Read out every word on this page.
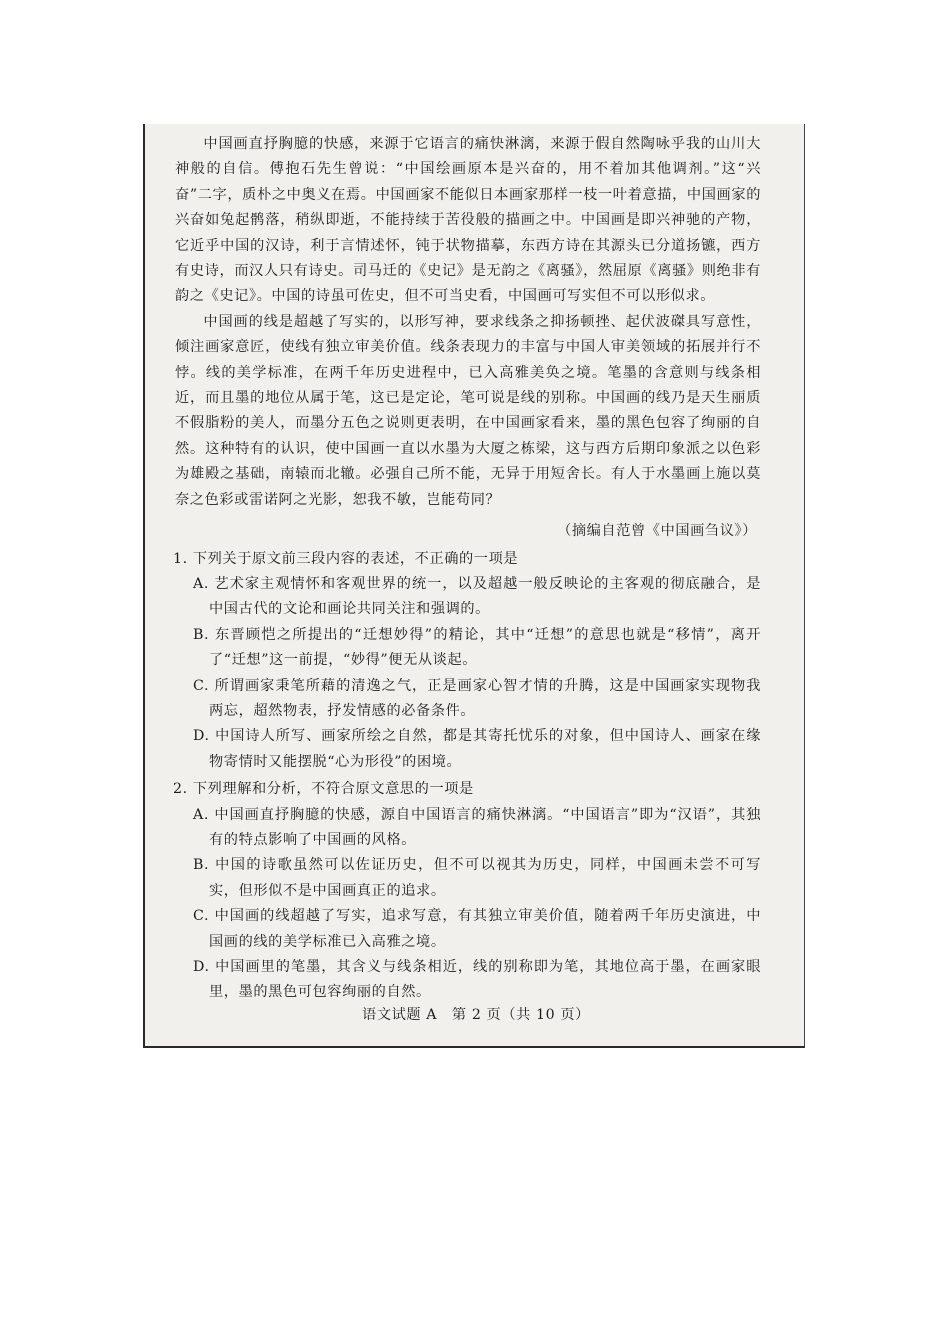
中国画直抒胸臆的快感，来源于它语言的痛快淋漓，来源于假自然陶咏乎我的山川大神般的自信。傅抱石先生曾说：“中国绘画原本是兴奋的，用不着加其他调剂。”这“兴奋”二字，质朴之中奥义在焉。中国画家不能似日本画家那样一枝一叶着意描，中国画家的兴奋如兔起鹘落，稍纵即逝，不能持续于苦役般的描画之中。中国画是即兴神驰的产物，它近乎中国的汉诗，利于言情述怀，钝于状物描摹，东西方诗在其源头已分道扬镳，西方有史诗，而汉人只有诗史。司马迁的《史记》是无韵之《离骚》，然屈原《离骚》则绝非有韵之《史记》。中国的诗虽可佐史，但不可当史看，中国画可写实但不可以形似求。

中国画的线是超越了写实的，以形写神，要求线条之抑扬顿挫、起伏波磔具写意性，倾注画家意匠，使线有独立审美价值。线条表现力的丰富与中国人审美领域的拓展并行不悖。线的美学标准，在两千年历史进程中，已入高雅美奂之境。笔墨的含意则与线条相近，而且墨的地位从属于笔，这已是定论，笔可说是线的别称。中国画的线乃是天生丽质不假脂粉的美人，而墨分五色之说则更表明，在中国画家看来，墨的黑色包容了绚丽的自然。这种特有的认识，使中国画一直以水墨为大厦之栋梁，这与西方后期印象派之以色彩为雄殿之基础，南辕而北辙。必强自己所不能，无异于用短舍长。有人于水墨画上施以莫奈之色彩或雷诺阿之光影，恕我不敏，岂能苟同？

（摘编自范曾《中国画刍议》）

1. 下列关于原文前三段内容的表述，不正确的一项是

A. 艺术家主观情怀和客观世界的统一，以及超越一般反映论的主客观的彻底融合，是中国古代的文论和画论共同关注和强调的。

B. 东晋顾恺之所提出的“迁想妙得”的精论，其中“迁想”的意思也就是“移情”，离开了“迁想”这一前提，“妙得”便无从谈起。

C. 所谓画家秉笔所藉的清逸之气，正是画家心智才情的升腾，这是中国画家实现物我两忘，超然物表，抒发情感的必备条件。

D. 中国诗人所写、画家所绘之自然，都是其寄托忧乐的对象，但中国诗人、画家在缘物寄情时又能摆脱“心为形役”的困境。

2. 下列理解和分析，不符合原文意思的一项是

A. 中国画直抒胸臆的快感，源自中国语言的痛快淋漓。“中国语言”即为“汉语”，其独有的特点影响了中国画的风格。

B. 中国的诗歌虽然可以佐证历史，但不可以视其为历史，同样，中国画未尝不可写实，但形似不是中国画真正的追求。

C. 中国画的线超越了写实，追求写意，有其独立审美价值，随着两千年历史演进，中国画的线的美学标准已入高雅之境。

D. 中国画里的笔墨，其含义与线条相近，线的别称即为笔，其地位高于墨，在画家眼里，墨的黑色可包容绚丽的自然。

语文试题 A　第 2 页（共 10 页）
